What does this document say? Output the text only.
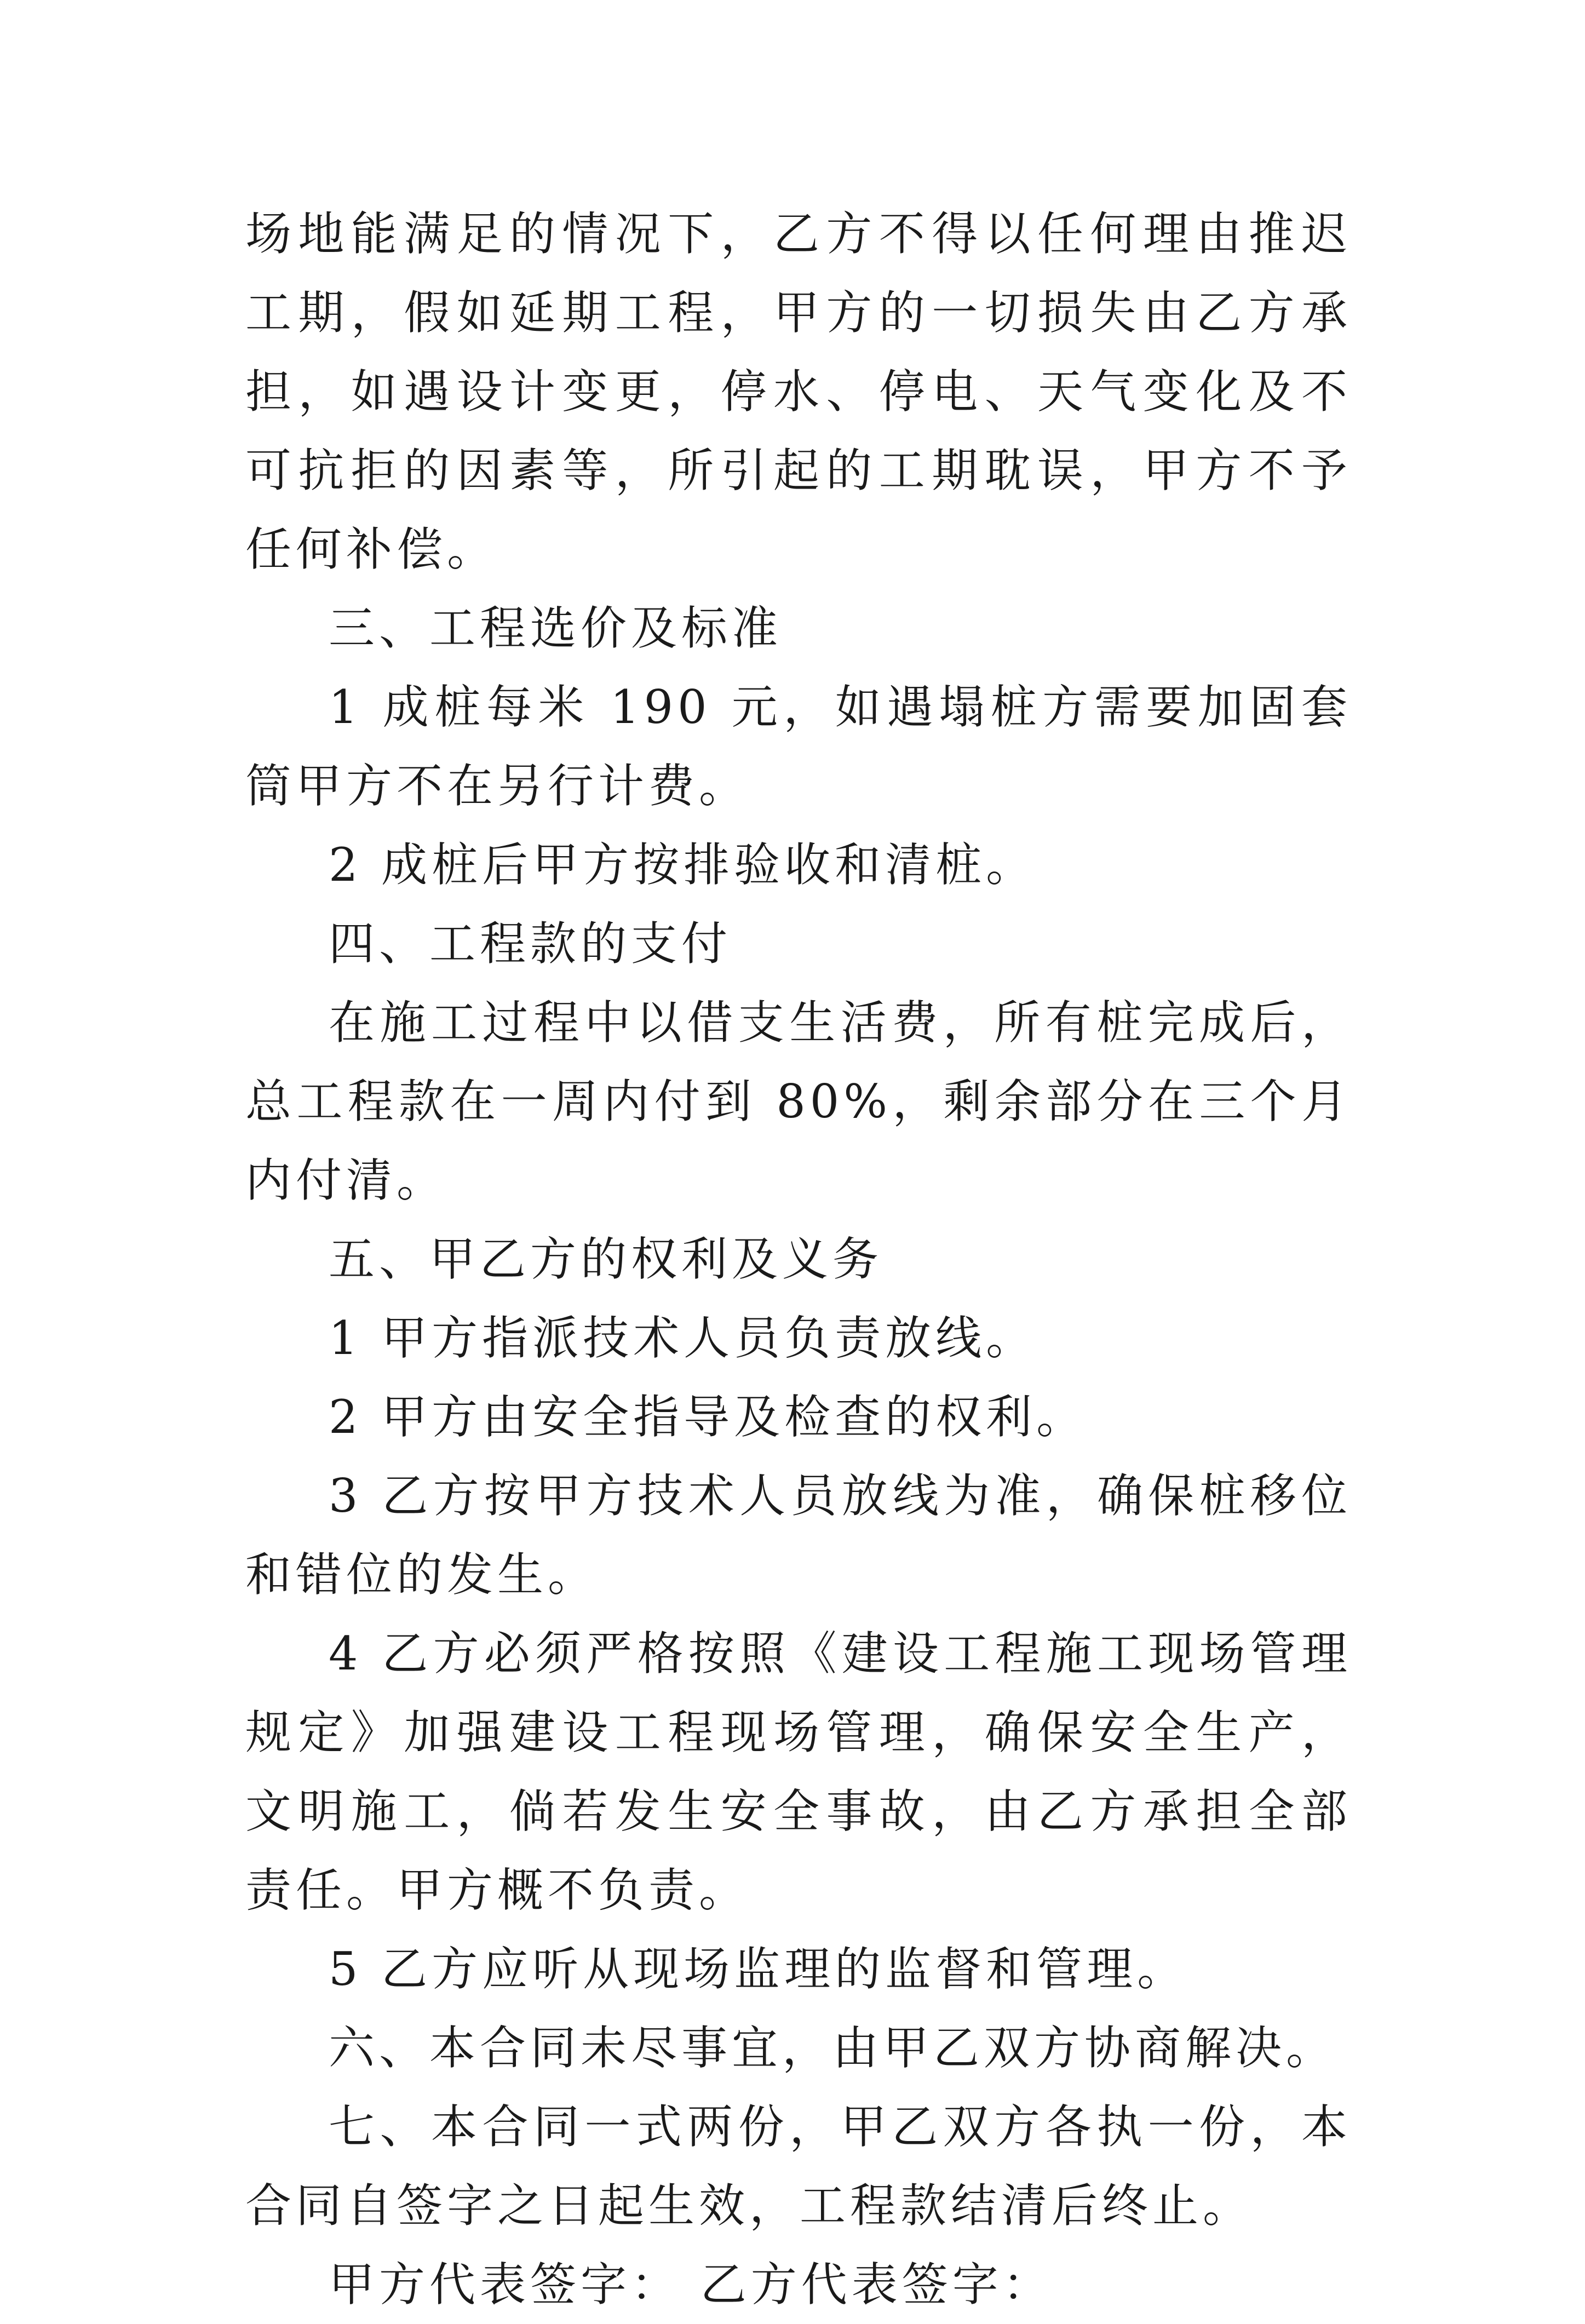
场地能满足的情况下，乙方不得以任何理由推迟工期，假如延期工程，甲方的一切损失由乙方承担，如遇设计变更，停水、停电、天气变化及不可抗拒的因素等，所引起的工期耽误，甲方不予任何补偿。

三、工程选价及标准

1 成桩每米 190 元，如遇塌桩方需要加固套筒甲方不在另行计费。

2 成桩后甲方按排验收和清桩。

四、工程款的支付

在施工过程中以借支生活费，所有桩完成后，总工程款在一周内付到 80%，剩余部分在三个月内付清。

五、甲乙方的权利及义务

1 甲方指派技术人员负责放线。

2 甲方由安全指导及检查的权利。

3 乙方按甲方技术人员放线为准，确保桩移位和错位的发生。

4 乙方必须严格按照《建设工程施工现场管理规定》加强建设工程现场管理，确保安全生产，文明施工，倘若发生安全事故，由乙方承担全部责任。甲方概不负责。

5 乙方应听从现场监理的监督和管理。

六、本合同未尽事宜，由甲乙双方协商解决。

七、本合同一式两份，甲乙双方各执一份，本合同自签字之日起生效，工程款结清后终止。

甲方代表签字： 乙方代表签字：
